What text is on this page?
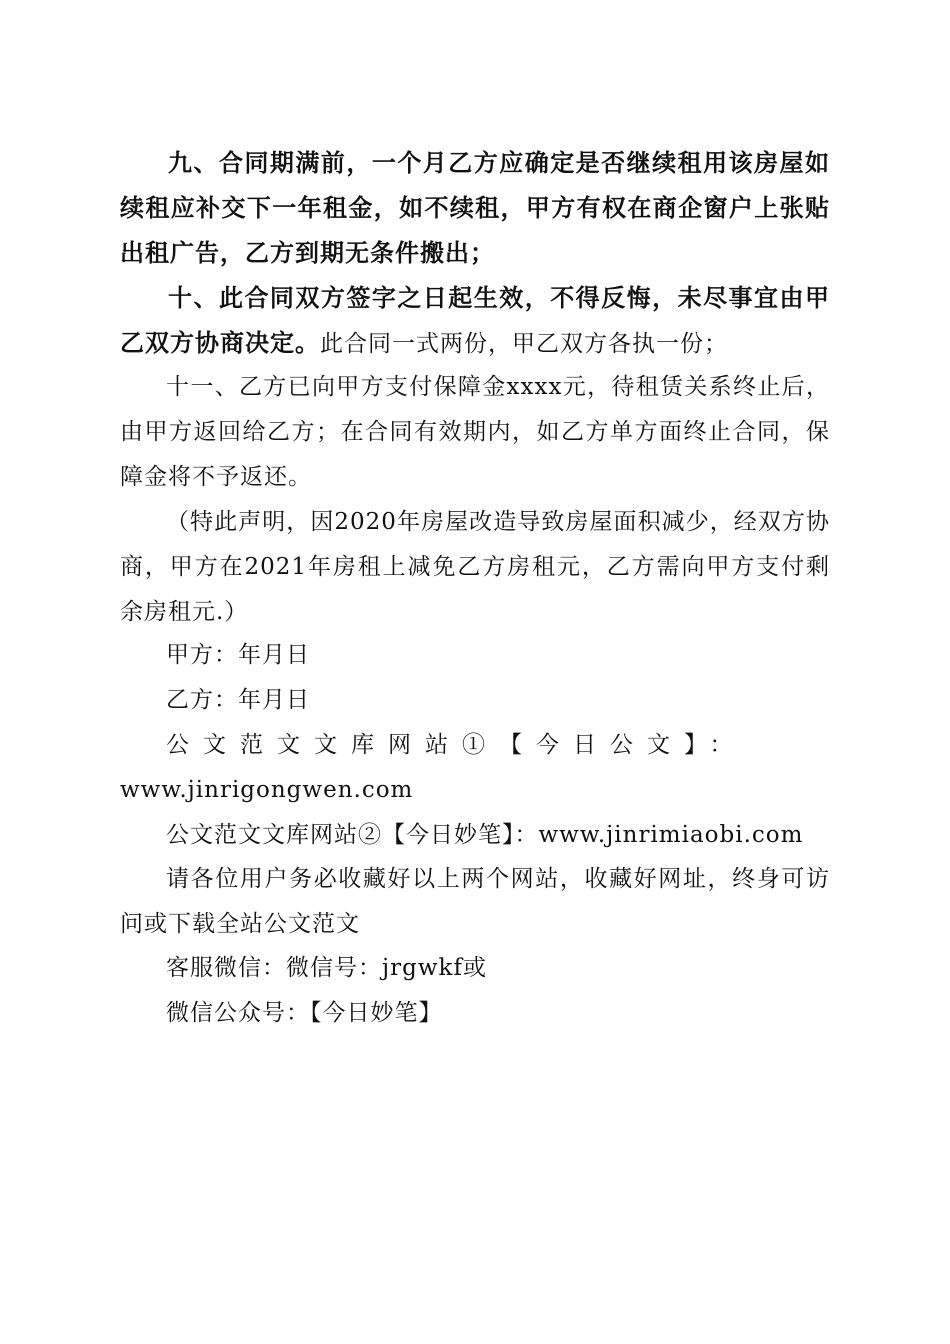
九、合同期满前，一个月乙方应确定是否继续租用该房屋如续租应补交下一年租金，如不续租，甲方有权在商企窗户上张贴出租广告，乙方到期无条件搬出；

十、此合同双方签字之日起生效，不得反悔，未尽事宜由甲乙双方协商决定。此合同一式两份，甲乙双方各执一份；

十一、乙方已向甲方支付保障金xxxx元，待租赁关系终止后，由甲方返回给乙方；在合同有效期内，如乙方单方面终止合同，保障金将不予返还。

（特此声明，因2020年房屋改造导致房屋面积减少，经双方协商，甲方在2021年房租上减免乙方房租元，乙方需向甲方支付剩余房租元.）

甲方：年月日

乙方：年月日

公文范文文库网站①【今日公文】：

www.jinrigongwen.com

公文范文文库网站②【今日妙笔】：www.jinrimiaobi.com

请各位用户务必收藏好以上两个网站，收藏好网址，终身可访问或下载全站公文范文

客服微信：微信号：jrgwkf或

微信公众号：【今日妙笔】
